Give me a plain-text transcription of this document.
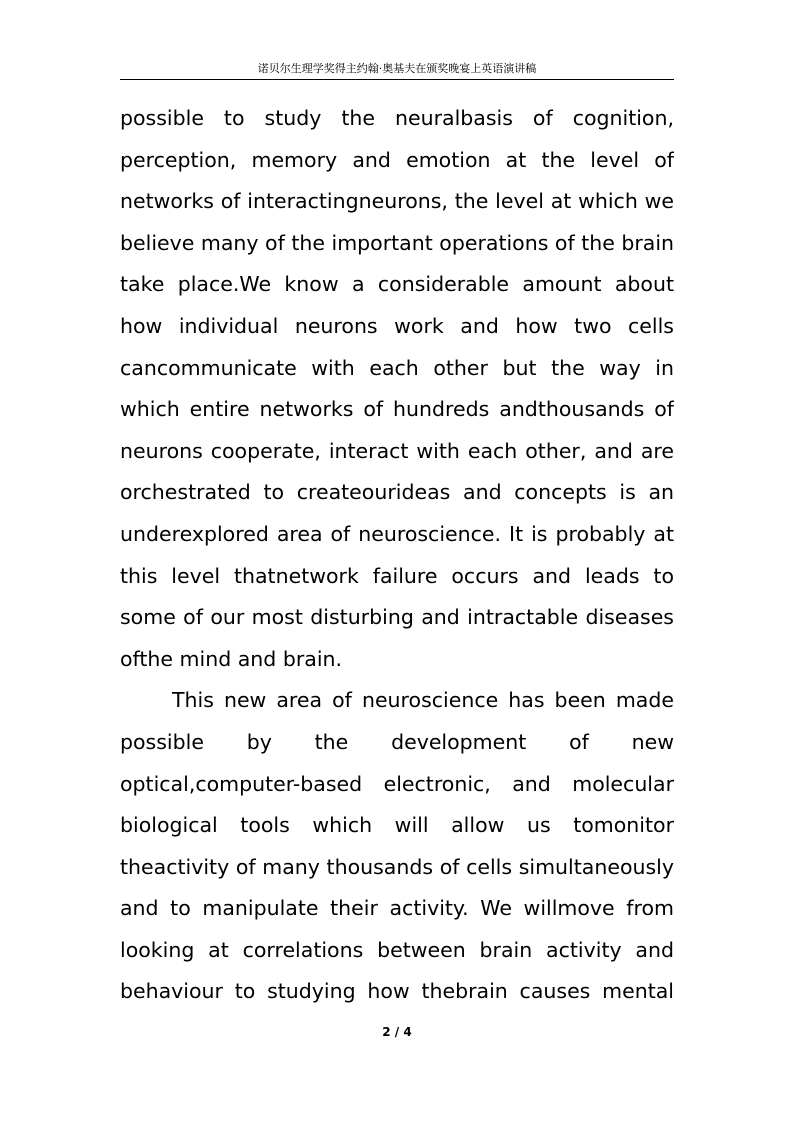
诺贝尔生理学奖得主约翰·奥基夫在颁奖晚宴上英语演讲稿
possible to study the neuralbasis of cognition,
perception, memory and emotion at the level of
networks of interactingneurons, the level at which we
believe many of the important operations of the brain
take place.We know a considerable amount about
how individual neurons work and how two cells
cancommunicate with each other but the way in
which entire networks of hundreds andthousands of
neurons cooperate, interact with each other, and are
orchestrated to createourideas and concepts is an
underexplored area of neuroscience. It is probably at
this level thatnetwork failure occurs and leads to
some of our most disturbing and intractable diseases
ofthe mind and brain.
This new area of neuroscience has been made
possible by the development of new
optical,computer-based electronic, and molecular
biological tools which will allow us tomonitor
theactivity of many thousands of cells simultaneously
and to manipulate their activity. We willmove from
looking at correlations between brain activity and
behaviour to studying how thebrain causes mental
2 / 4
